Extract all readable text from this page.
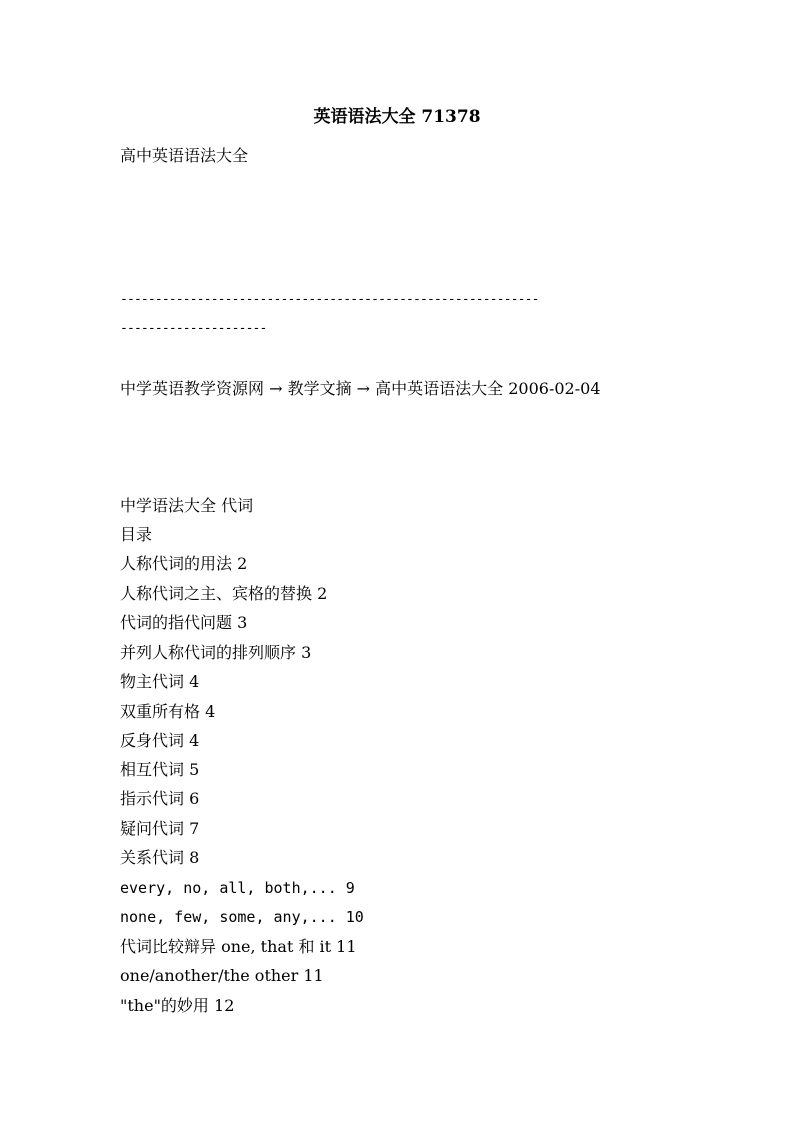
英语语法大全 71378
高中英语语法大全
------------------------------------------------------------
---------------------
中学英语教学资源网 → 教学文摘 → 高中英语语法大全 2006-02-04
中学语法大全 代词
目录
人称代词的用法 2
人称代词之主、宾格的替换 2
代词的指代问题 3
并列人称代词的排列顺序 3
物主代词 4
双重所有格 4
反身代词 4
相互代词 5
指示代词 6
疑问代词 7
关系代词 8
every, no, all, both,... 9
none, few, some, any,... 10
代词比较辩异 one, that 和 it 11
one/another/the other 11
"the"的妙用 12
